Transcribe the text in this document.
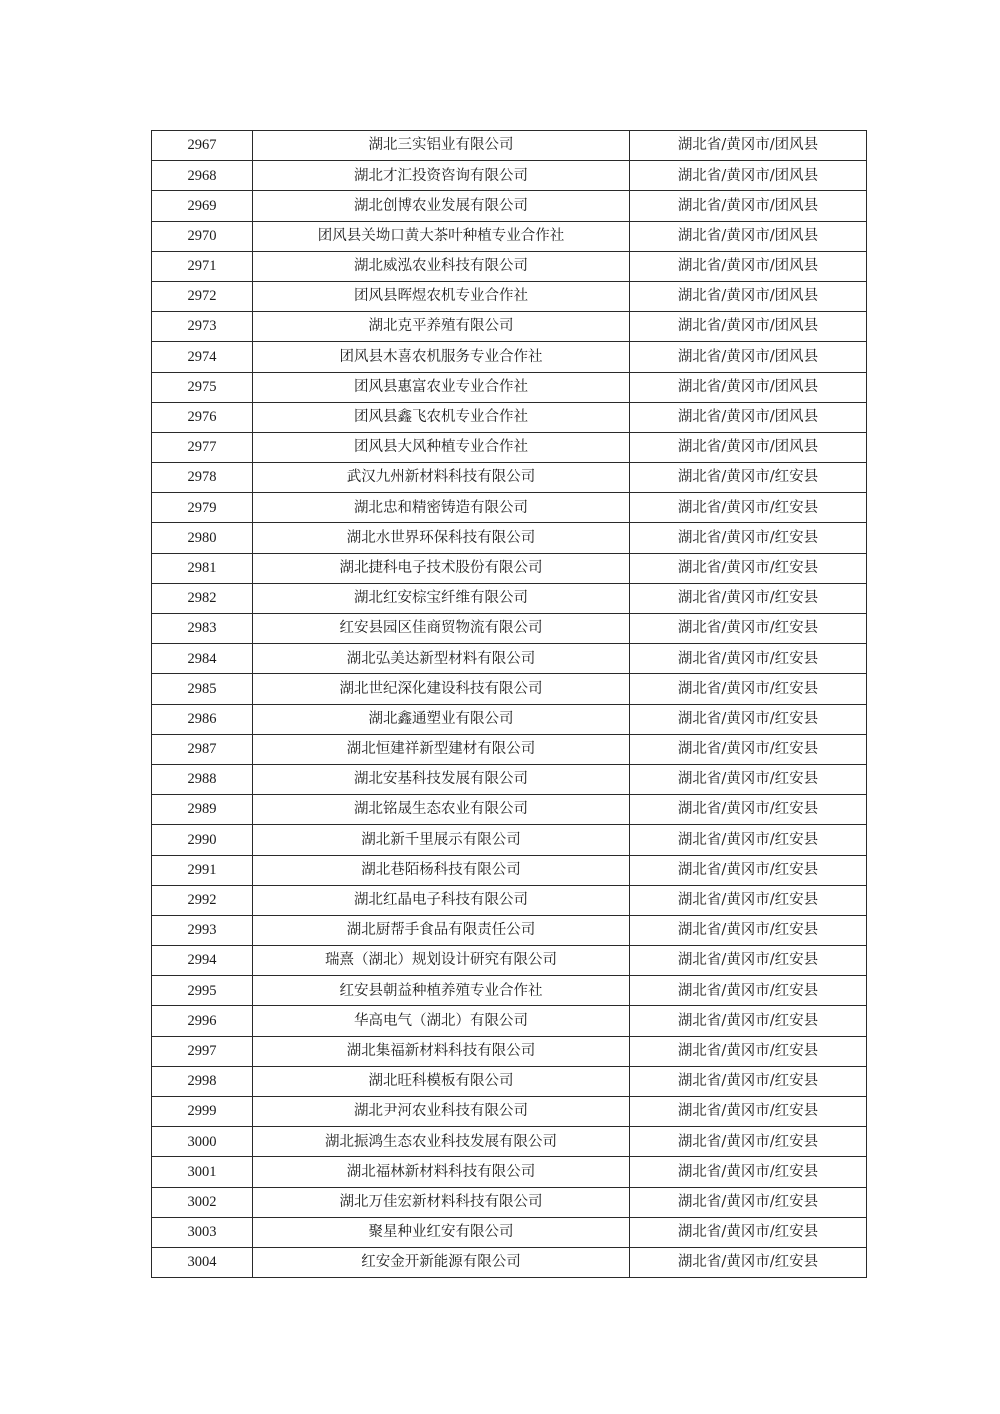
2967	湖北三实铝业有限公司	湖北省/黄冈市/团风县
2968	湖北才汇投资咨询有限公司	湖北省/黄冈市/团风县
2969	湖北创博农业发展有限公司	湖北省/黄冈市/团风县
2970	团风县关坳口黄大茶叶种植专业合作社	湖北省/黄冈市/团风县
2971	湖北威泓农业科技有限公司	湖北省/黄冈市/团风县
2972	团风县晖煜农机专业合作社	湖北省/黄冈市/团风县
2973	湖北克平养殖有限公司	湖北省/黄冈市/团风县
2974	团风县木喜农机服务专业合作社	湖北省/黄冈市/团风县
2975	团风县惠富农业专业合作社	湖北省/黄冈市/团风县
2976	团风县鑫飞农机专业合作社	湖北省/黄冈市/团风县
2977	团风县大风种植专业合作社	湖北省/黄冈市/团风县
2978	武汉九州新材料科技有限公司	湖北省/黄冈市/红安县
2979	湖北忠和精密铸造有限公司	湖北省/黄冈市/红安县
2980	湖北水世界环保科技有限公司	湖北省/黄冈市/红安县
2981	湖北捷科电子技术股份有限公司	湖北省/黄冈市/红安县
2982	湖北红安棕宝纤维有限公司	湖北省/黄冈市/红安县
2983	红安县园区佳商贸物流有限公司	湖北省/黄冈市/红安县
2984	湖北弘美达新型材料有限公司	湖北省/黄冈市/红安县
2985	湖北世纪深化建设科技有限公司	湖北省/黄冈市/红安县
2986	湖北鑫通塑业有限公司	湖北省/黄冈市/红安县
2987	湖北恒建祥新型建材有限公司	湖北省/黄冈市/红安县
2988	湖北安基科技发展有限公司	湖北省/黄冈市/红安县
2989	湖北铭晟生态农业有限公司	湖北省/黄冈市/红安县
2990	湖北新千里展示有限公司	湖北省/黄冈市/红安县
2991	湖北巷陌杨科技有限公司	湖北省/黄冈市/红安县
2992	湖北红晶电子科技有限公司	湖北省/黄冈市/红安县
2993	湖北厨帮手食品有限责任公司	湖北省/黄冈市/红安县
2994	瑞熹（湖北）规划设计研究有限公司	湖北省/黄冈市/红安县
2995	红安县朝益种植养殖专业合作社	湖北省/黄冈市/红安县
2996	华高电气（湖北）有限公司	湖北省/黄冈市/红安县
2997	湖北集福新材料科技有限公司	湖北省/黄冈市/红安县
2998	湖北旺科模板有限公司	湖北省/黄冈市/红安县
2999	湖北尹河农业科技有限公司	湖北省/黄冈市/红安县
3000	湖北振鸿生态农业科技发展有限公司	湖北省/黄冈市/红安县
3001	湖北福林新材料科技有限公司	湖北省/黄冈市/红安县
3002	湖北万佳宏新材料科技有限公司	湖北省/黄冈市/红安县
3003	聚星种业红安有限公司	湖北省/黄冈市/红安县
3004	红安金开新能源有限公司	湖北省/黄冈市/红安县
